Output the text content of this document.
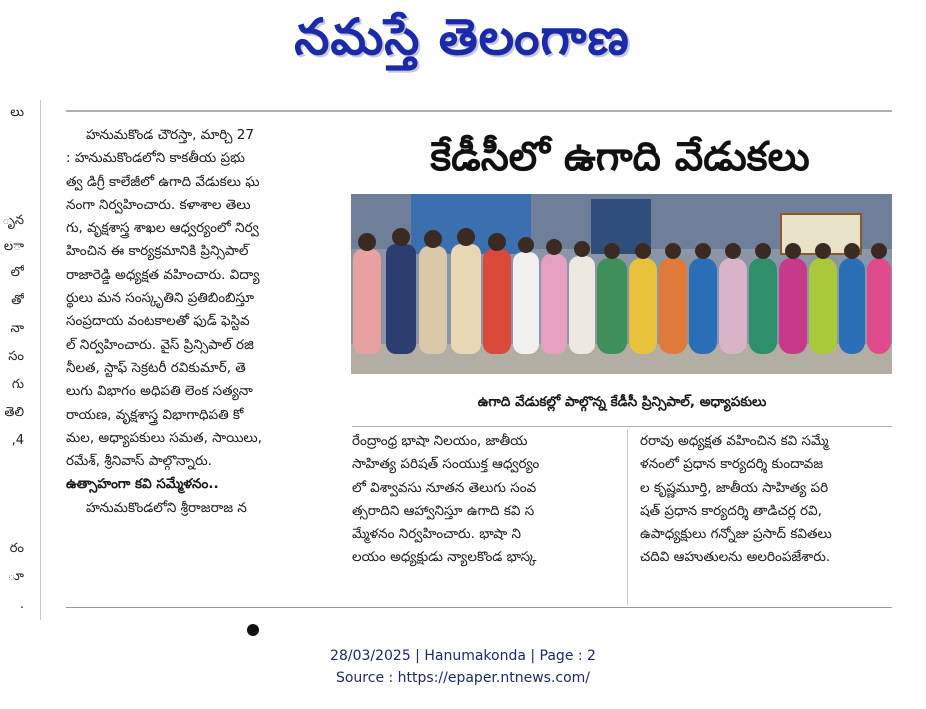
నమస్తే తెలంగాణ
లు
ృన
ాల
లో
తో
నా
సం
గు
తెలి
4,
రం
ూ
.
హనుమకొండ చౌరస్తా, మార్చి 27
: హనుమకొండలోని కాకతీయ ప్రభు
త్వ డిగ్రీ కాలేజీలో ఉగాది వేడుకలు ఘ
నంగా నిర్వహించారు. కళాశాల తెలు
గు, వృక్షశాస్త్ర శాఖల ఆధ్వర్యంలో నిర్వ
హించిన ఈ కార్యక్రమానికి ప్రిన్సిపాల్‌
రాజారెడ్డి అధ్యక్షత వహించారు. విద్యా
ర్థులు మన సంస్కృతిని ప్రతిబింబిస్తూ
సంప్రదాయ వంటకాలతో ఫుడ్‌ ఫెస్టివ
ల్‌ నిర్వహించారు. వైస్‌ ప్రిన్సిపాల్‌ రజి
నీలత, స్టాఫ్‌ సెక్రటరీ రవికుమార్‌, తె
లుగు విభాగం అధిపతి లెంక సత్యనా
రాయణ, వృక్షశాస్త్ర విభాగాధిపతి కో
మల, అధ్యాపకులు సమత, సాయిలు,
రమేశ్‌, శ్రీనివాస్‌ పాల్గొన్నారు.
ఉత్సాహంగా కవి సమ్మేళనం..
హనుమకొండలోని శ్రీరాజరాజ న
కేడీసీలో ఉగాది వేడుకలు
ఉగాది వేడుకల్లో పాల్గొన్న కేడీసీ ప్రిన్సిపాల్‌, అధ్యాపకులు
రేంద్రాంధ్ర భాషా నిలయం, జాతీయ
సాహిత్య పరిషత్‌ సంయుక్త ఆధ్వర్యం
లో విశ్వావసు నూతన తెలుగు సంవ
త్సరాదిని ఆహ్వానిస్తూ ఉగాది కవి స
మ్మేళనం నిర్వహించారు. భాషా ని
లయం అధ్యక్షుడు న్యాలకొండ భాస్క
రరావు అధ్యక్షత వహించిన కవి సమ్మే
ళనంలో ప్రధాన కార్యదర్శి కుందావజ
ల కృష్ణమూర్తి, జాతీయ సాహిత్య పరి
షత్‌ ప్రధాన కార్యదర్శి తాడిచర్ల రవి,
ఉపాధ్యక్షులు గన్నోజు ప్రసాద్‌ కవితలు
చదివి ఆహుతులను అలరింపజేశారు.
28/03/2025 | Hanumakonda | Page : 2
Source : https://epaper.ntnews.com/
